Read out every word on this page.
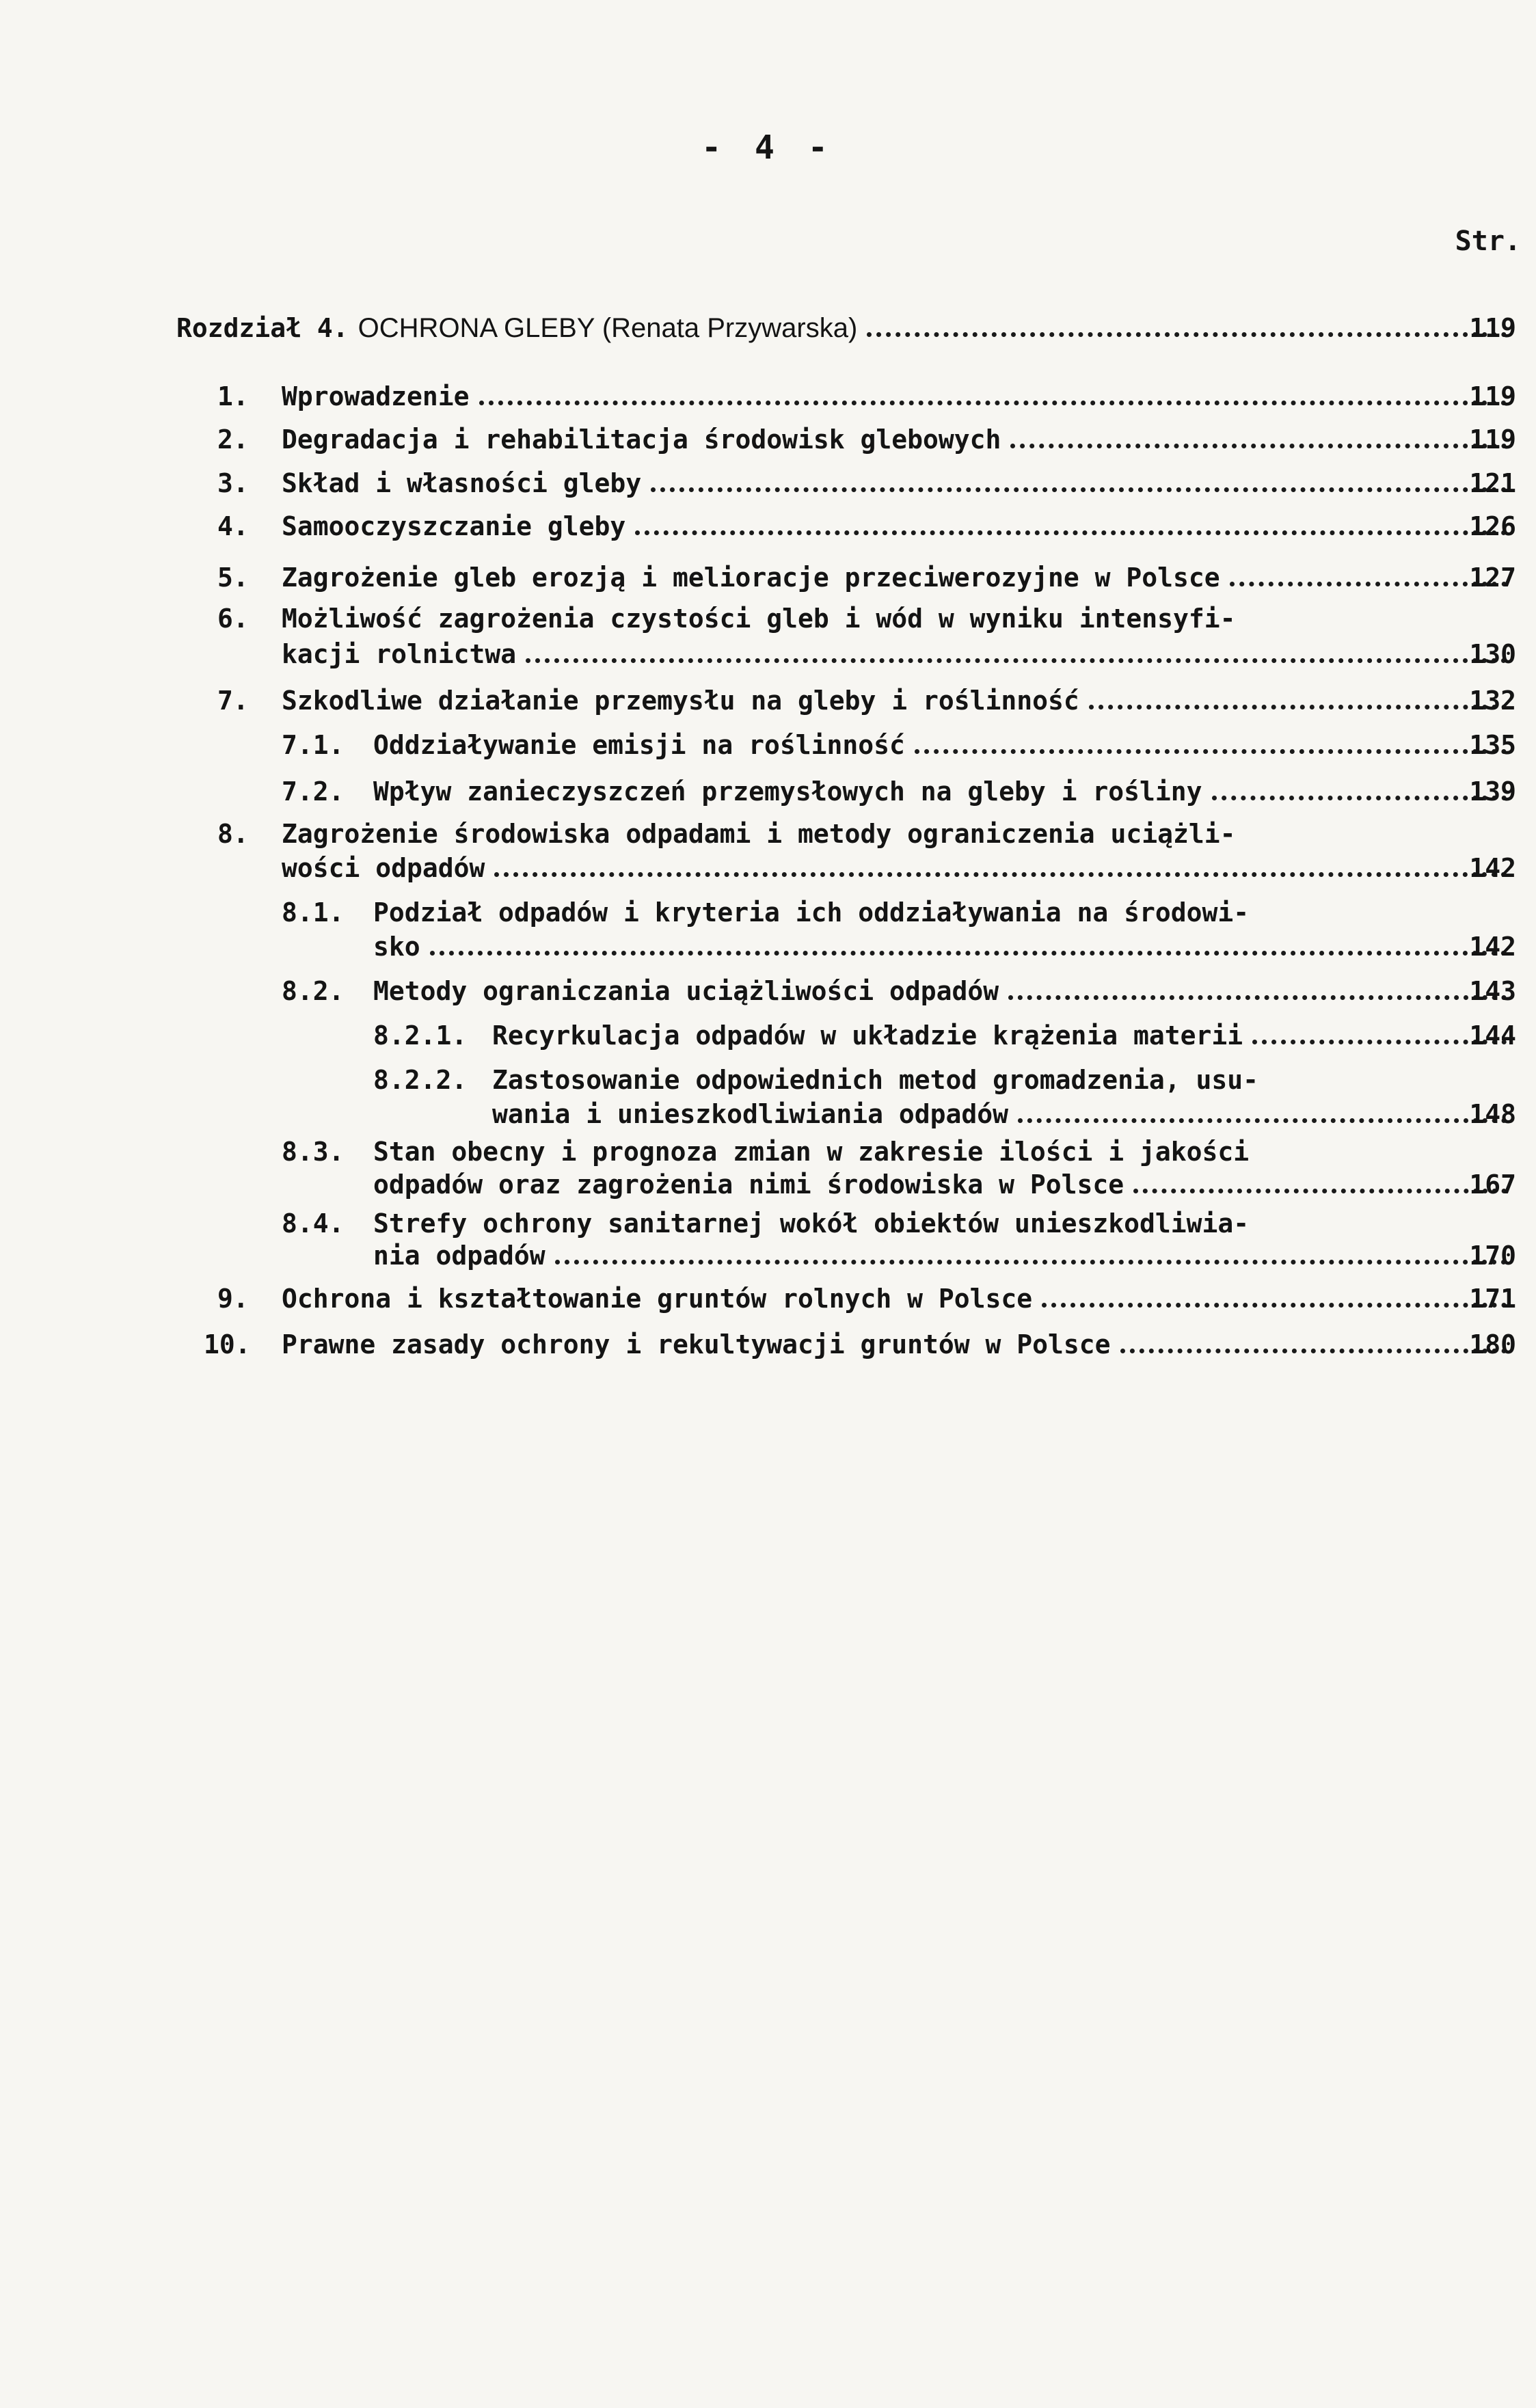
- 4 -
Str.
Rozdział 4. OCHRONA GLEBY (Renata Przywarska)	119
1.	Wprowadzenie	119
2.	Degradacja i rehabilitacja środowisk glebowych	119
3.	Skład i własności gleby	121
4.	Samooczyszczanie gleby	126
5.	Zagrożenie gleb erozją i melioracje przeciwerozyjne w Polsce	127
6. Możliwość zagrożenia czystości gleb i wód w wyniku intensyfi-
kacji rolnictwa	130
7.	Szkodliwe działanie przemysłu na gleby i roślinność	132
7.1.	Oddziaływanie emisji na roślinność	135
7.2.	Wpływ zanieczyszczeń przemysłowych na gleby i rośliny	139
8. Zagrożenie środowiska odpadami i metody ograniczenia uciążli-
wości odpadów	142
8.1. Podział odpadów i kryteria ich oddziaływania na środowi-
sko	142
8.2.	Metody ograniczania uciążliwości odpadów	143
8.2.1. Recyrkulacja odpadów w układzie krążenia materii	144
8.2.2. Zastosowanie odpowiednich metod gromadzenia, usu-
wania i unieszkodliwiania odpadów	148
8.3. Stan obecny i prognoza zmian w zakresie ilości i jakości
odpadów oraz zagrożenia nimi środowiska w Polsce	167
8.4. Strefy ochrony sanitarnej wokół obiektów unieszkodliwia-
nia odpadów	170
9.	Ochrona i kształtowanie gruntów rolnych w Polsce	171
10.	Prawne zasady ochrony i rekultywacji gruntów w Polsce	180
